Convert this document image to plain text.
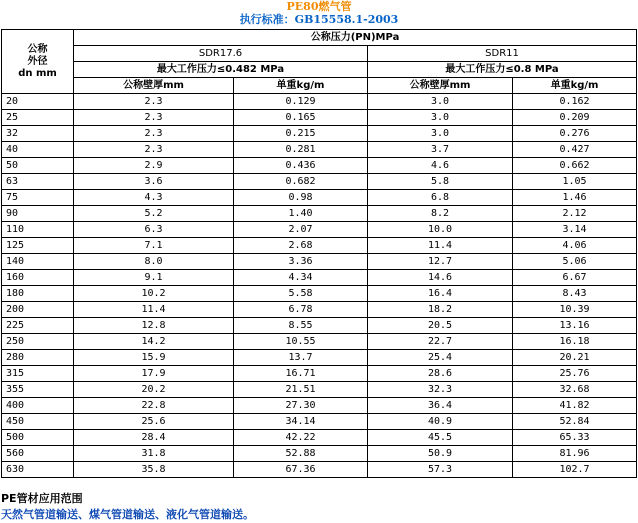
PE80燃气管
执行标准：GB15558.1-2003
公称
外径
dn mm	公称压力(PN)MPa			
	SDR17.6		SDR11	
	最大工作压力≤0.482 MPa		最大工作压力≤0.8 MPa	
	公称壁厚mm	单重kg/m	公称壁厚mm	单重kg/m
20	2.3	0.129	3.0	0.162
25	2.3	0.165	3.0	0.209
32	2.3	0.215	3.0	0.276
40	2.3	0.281	3.7	0.427
50	2.9	0.436	4.6	0.662
63	3.6	0.682	5.8	1.05
75	4.3	0.98	6.8	1.46
90	5.2	1.40	8.2	2.12
110	6.3	2.07	10.0	3.14
125	7.1	2.68	11.4	4.06
140	8.0	3.36	12.7	5.06
160	9.1	4.34	14.6	6.67
180	10.2	5.58	16.4	8.43
200	11.4	6.78	18.2	10.39
225	12.8	8.55	20.5	13.16
250	14.2	10.55	22.7	16.18
280	15.9	13.7	25.4	20.21
315	17.9	16.71	28.6	25.76
355	20.2	21.51	32.3	32.68
400	22.8	27.30	36.4	41.82
450	25.6	34.14	40.9	52.84
500	28.4	42.22	45.5	65.33
560	31.8	52.88	50.9	81.96
630	35.8	67.36	57.3	102.7
PE管材应用范围
天然气管道输送、煤气管道输送、液化气管道输送。
